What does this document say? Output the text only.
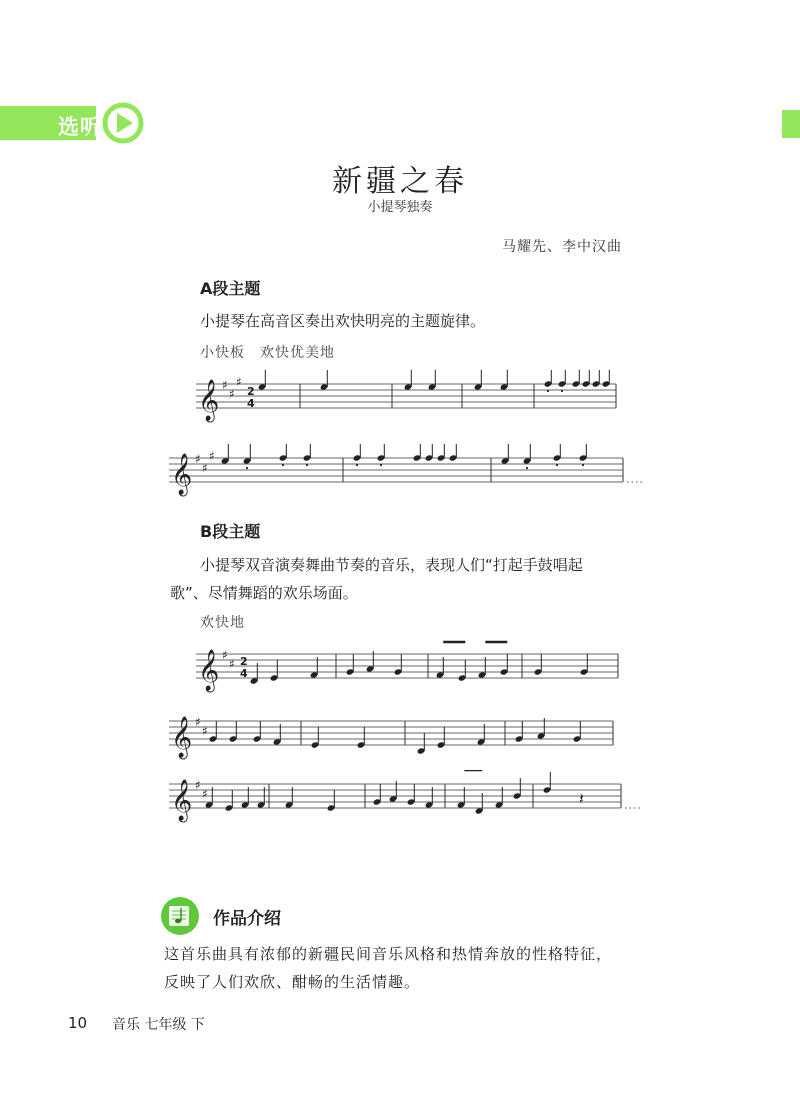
选听
新疆之春
小提琴独奏
马耀先、李中汉曲
A段主题
小提琴在高音区奏出欢快明亮的主题旋律。
小快板　欢快优美地
𝄞 ♯
♯
♯
2
4
𝄞 ♯
♯
♯
B段主题
小提琴双音演奏舞曲节奏的音乐，表现人们“打起手鼓唱起
歌”、尽情舞蹈的欢乐场面。
欢快地
𝄞 ♯
♯ 2
4
𝄞 ♯
♯
𝄞 ♯
♯	𝄽
作品介绍
这首乐曲具有浓郁的新疆民间音乐风格和热情奔放的性格特征，
反映了人们欢欣、酣畅的生活情趣。
10 音乐 七年级 下
